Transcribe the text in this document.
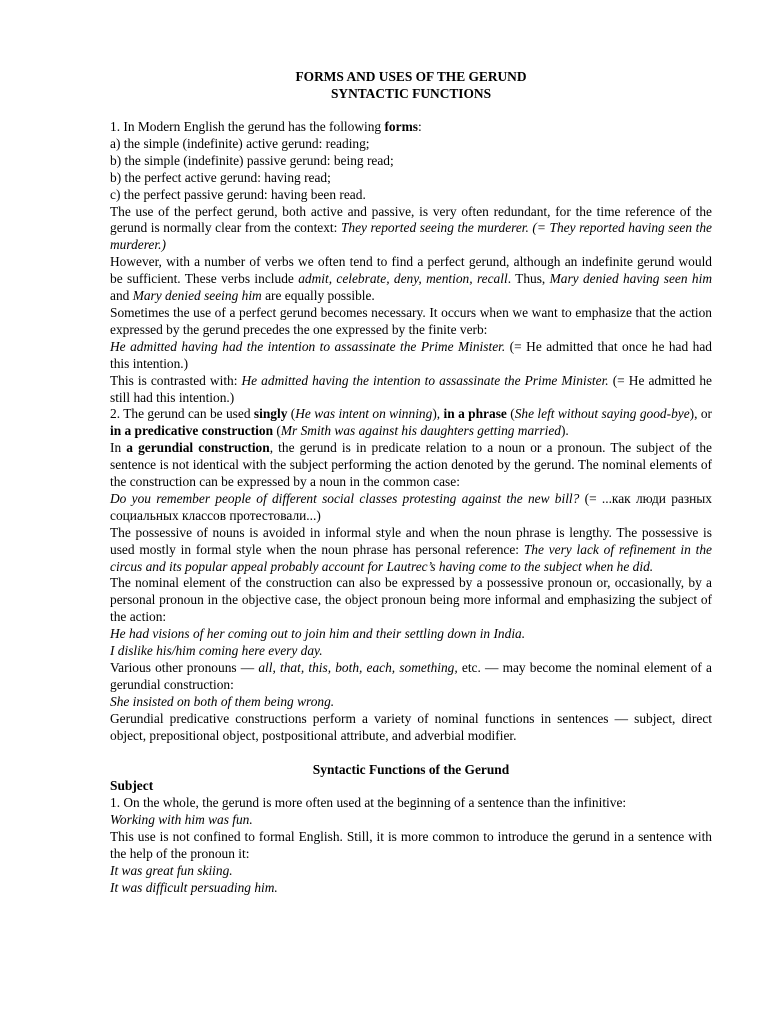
FORMS AND USES OF THE GERUND
SYNTACTIC FUNCTIONS

1. In Modern English the gerund has the following forms:

a) the simple (indefinite) active gerund: reading;

b) the simple (indefinite) passive gerund: being read;

b) the perfect active gerund: having read;

c) the perfect passive gerund: having been read.

The use of the perfect gerund, both active and passive, is very often redundant, for the time reference of the gerund is normally clear from the context: They reported seeing the murderer. (= They reported having seen the murderer.)

However, with a number of verbs we often tend to find a perfect gerund, although an indefinite gerund would be sufficient. These verbs include admit, celebrate, deny, mention, recall. Thus, Mary denied having seen him and Mary denied seeing him are equally possible.

Sometimes the use of a perfect gerund becomes necessary. It occurs when we want to emphasize that the action expressed by the gerund precedes the one expressed by the finite verb:

He admitted having had the intention to assassinate the Prime Minister. (= He admitted that once he had had this intention.)

This is contrasted with: He admitted having the intention to assassinate the Prime Minister. (= He admitted he still had this intention.)

2. The gerund can be used singly (He was intent on winning), in a phrase (She left without saying good-bye), or in a predicative construction (Mr Smith was against his daughters getting married).

In a gerundial construction, the gerund is in predicate relation to a noun or a pronoun. The subject of the sentence is not identical with the subject performing the action denoted by the gerund. The nominal elements of the construction can be expressed by a noun in the common case:

Do you remember people of different social classes protesting against the new bill? (= ...как люди разных социальных классов протестовали...)

The possessive of nouns is avoided in informal style and when the noun phrase is lengthy. The possessive is used mostly in formal style when the noun phrase has personal reference: The very lack of refinement in the circus and its popular appeal probably account for Lautrec’s having come to the subject when he did.

The nominal element of the construction can also be expressed by a possessive pronoun or, occasionally, by a personal pronoun in the objective case, the object pronoun being more informal and emphasizing the subject of the action:

He had visions of her coming out to join him and their settling down in India.

I dislike his/him coming here every day.

Various other pronouns — all, that, this, both, each, something, etc. — may become the nominal element of a gerundial construction:

She insisted on both of them being wrong.

Gerundial predicative constructions perform a variety of nominal functions in sentences — subject, direct object, prepositional object, postpositional attribute, and adverbial modifier.

Syntactic Functions of the Gerund
Subject

1. On the whole, the gerund is more often used at the beginning of a sentence than the infinitive:

Working with him was fun.

This use is not confined to formal English. Still, it is more common to introduce the gerund in a sentence with the help of the pronoun it:

It was great fun skiing.

It was difficult persuading him.
